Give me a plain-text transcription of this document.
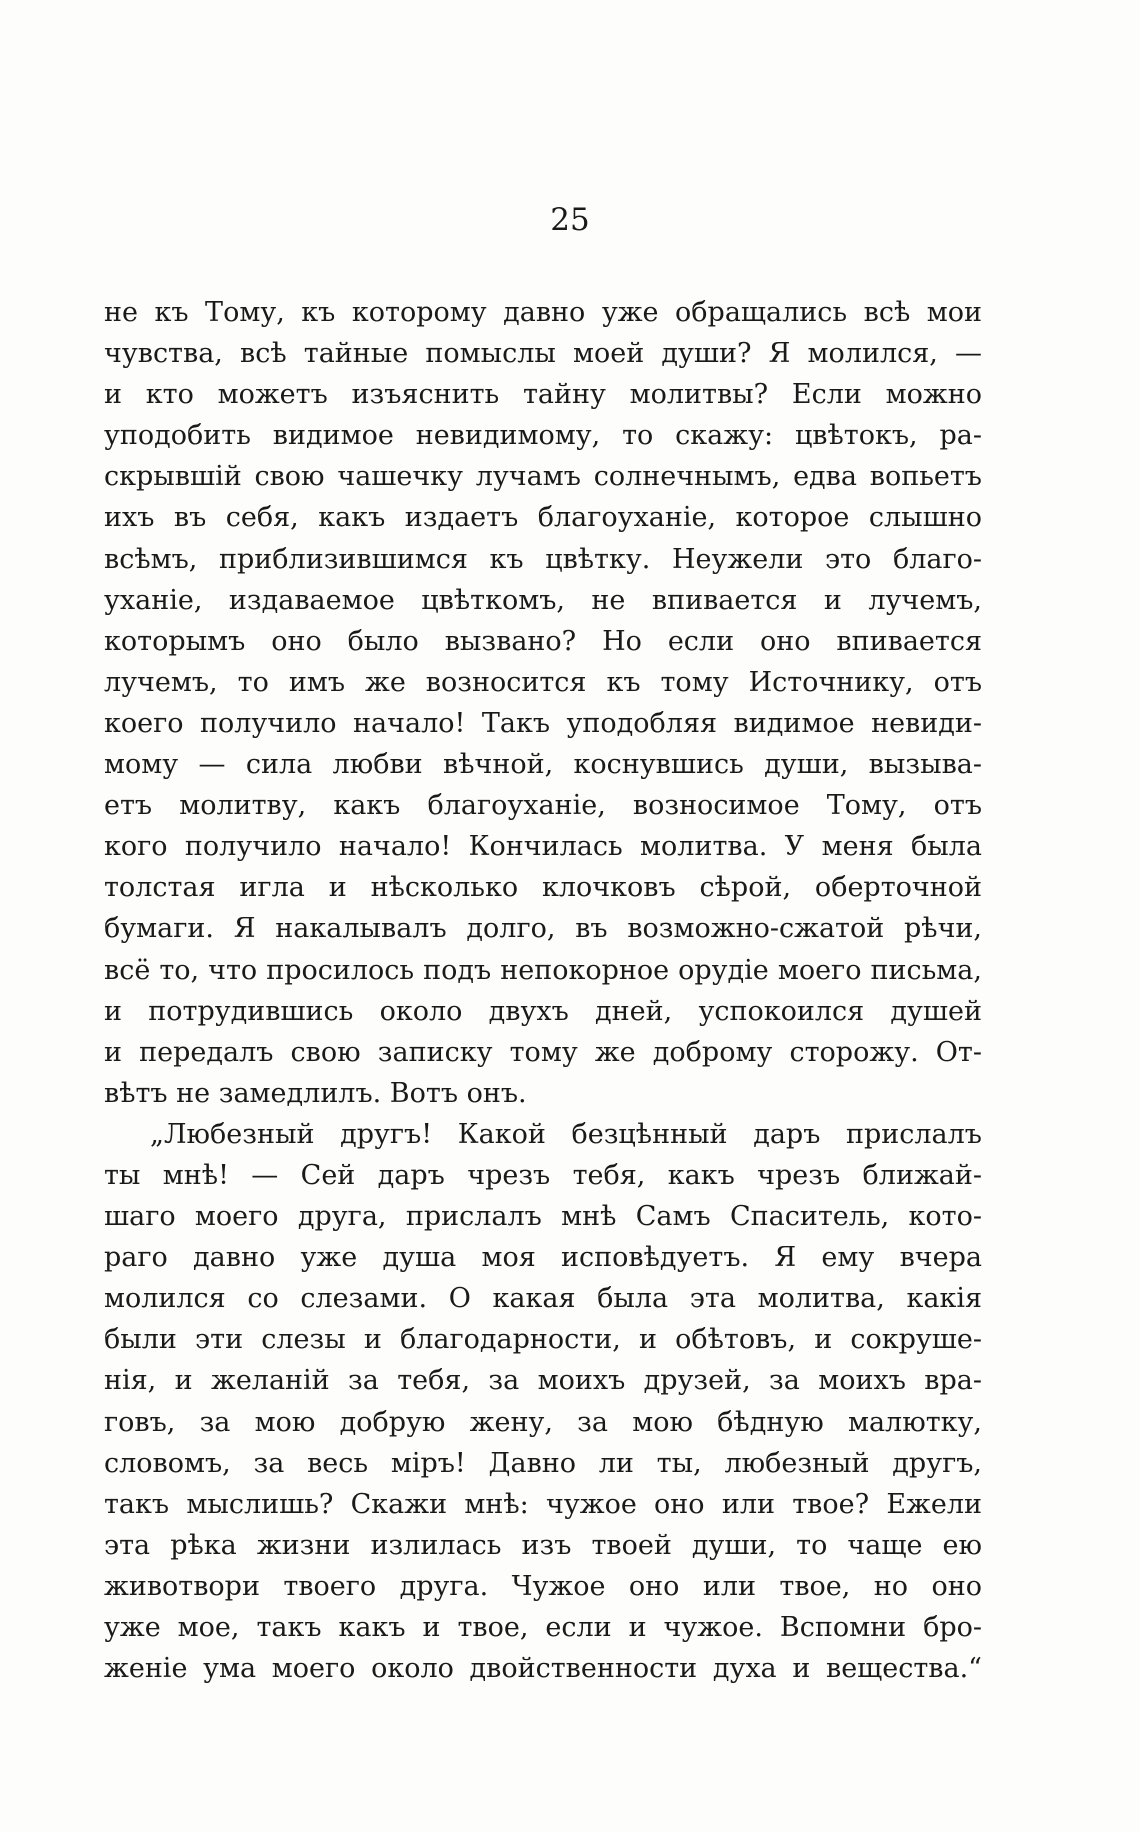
25
не къ Тому, къ которому давно уже обращались всѣ мои
чувства, всѣ тайные помыслы моей души? Я молился, —
и кто можетъ изъяснить тайну молитвы? Если можно
уподобить видимое невидимому, то скажу: цвѣтокъ, ра-
скрывшій свою чашечку лучамъ солнечнымъ, едва вопьетъ
ихъ въ себя, какъ издаетъ благоуханіе, которое слышно
всѣмъ, приблизившимся къ цвѣтку. Неужели это благо-
уханіе, издаваемое цвѣткомъ, не впивается и лучемъ,
которымъ оно было вызвано? Но если оно впивается
лучемъ, то имъ же возносится къ тому Источнику, отъ
коего получило начало! Такъ уподобляя видимое невиди-
мому — сила любви вѣчной, коснувшись души, вызыва-
етъ молитву, какъ благоуханіе, возносимое Тому, отъ
кого получило начало! Кончилась молитва. У меня была
толстая игла и нѣсколько клочковъ сѣрой, оберточной
бумаги. Я накалывалъ долго, въ возможно-сжатой рѣчи,
всё то, что просилось подъ непокорное орудіе моего письма,
и потрудившись около двухъ дней, успокоился душей
и передалъ свою записку тому же доброму сторожу. От-
вѣтъ не замедлилъ. Вотъ онъ.
„Любезный другъ! Какой безцѣнный даръ прислалъ
ты мнѣ! — Сей даръ чрезъ тебя, какъ чрезъ ближай-
шаго моего друга, прислалъ мнѣ Самъ Спаситель, кото-
раго давно уже душа моя исповѣдуетъ. Я ему вчера
молился со слезами. О какая была эта молитва, какія
были эти слезы и благодарности, и обѣтовъ, и сокруше-
нія, и желаній за тебя, за моихъ друзей, за моихъ вра-
говъ, за мою добрую жену, за мою бѣдную малютку,
словомъ, за весь міръ! Давно ли ты, любезный другъ,
такъ мыслишь? Скажи мнѣ: чужое оно или твое? Ежели
эта рѣка жизни излилась изъ твоей души, то чаще ею
животвори твоего друга. Чужое оно или твое, но оно
уже мое, такъ какъ и твое, если и чужое. Вспомни бро-
женіе ума моего около двойственности духа и вещества.“
